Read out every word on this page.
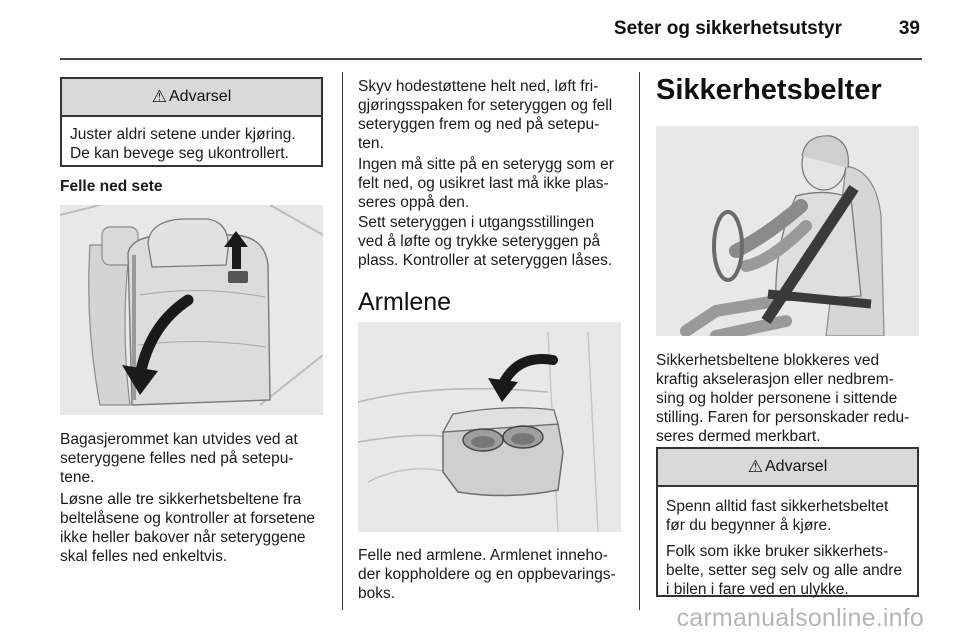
Seter og sikkerhetsutstyr	39
⚠ Advarsel
Juster aldri setene under kjøring.
De kan bevege seg ukontrollert.
Felle ned sete
Bagasjerommet kan utvides ved at
seteryggene felles ned på setepu-
tene.
Løsne alle tre sikkerhetsbeltene fra
beltelåsene og kontroller at forsetene
ikke heller bakover når seteryggene
skal felles ned enkeltvis.
Skyv hodestøttene helt ned, løft fri-
gjøringsspaken for seteryggen og fell
seteryggen frem og ned på setepu-
ten.
Ingen må sitte på en seterygg som er
felt ned, og usikret last må ikke plas-
seres oppå den.
Sett seteryggen i utgangsstillingen
ved å løfte og trykke seteryggen på
plass. Kontroller at seteryggen låses.
Armlene
Felle ned armlene. Armlenet inneho-
der koppholdere og en oppbevarings-
boks.
Sikkerhetsbelter
Sikkerhetsbeltene blokkeres ved
kraftig akselerasjon eller nedbrem-
sing og holder personene i sittende
stilling. Faren for personskader redu-
seres dermed merkbart.
⚠ Advarsel
Spenn alltid fast sikkerhetsbeltet
før du begynner å kjøre.
Folk som ikke bruker sikkerhets-
belte, setter seg selv og alle andre
i bilen i fare ved en ulykke.
carmanualsonline.info
